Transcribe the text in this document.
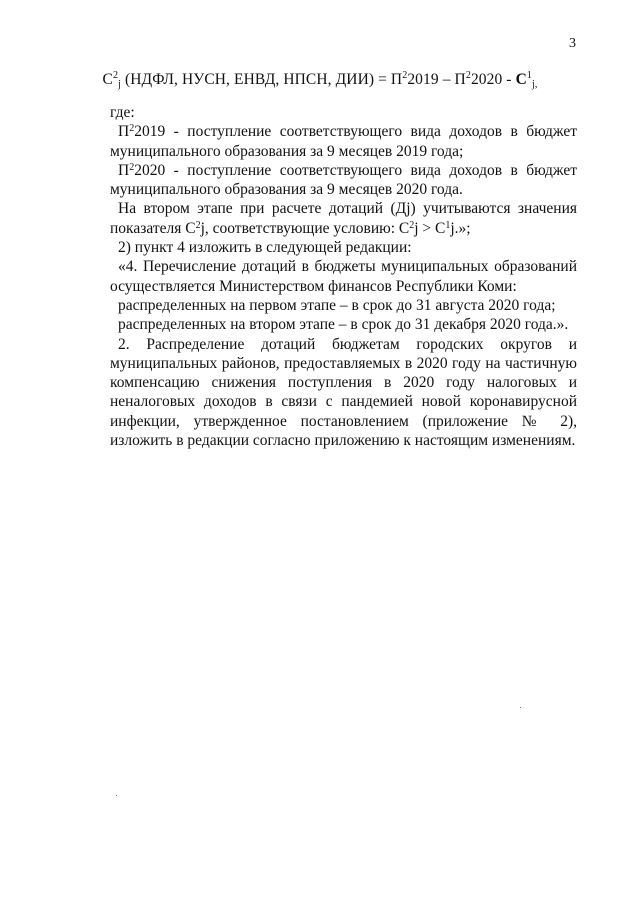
3
$C^2_j$ (НДФЛ, НУСН, ЕНВД, НПСН, $ДИИ) = П^22019 - П^22020 - C^1_{j,}$

где:

$П^22019$ - поступление соответствующего вида доходов в бюджет муниципального образования за 9 месяцев 2019 года;

$П^22020$ - поступление соответствующего вида доходов в бюджет муниципального образования за 9 месяцев 2020 года.

На втором этапе при расчете дотаций (Дj) учитываются значения показателя $С^2j$, соответствующие условию: $С^2j > С^1j$.»;

2) пункт 4 изложить в следующей редакции:

«4. Перечисление дотаций в бюджеты муниципальных образований осуществляется Министерством финансов Республики Коми:

распределенных на первом этапе – в срок до 31 августа 2020 года;

распределенных на втором этапе – в срок до 31 декабря 2020 года.».

2. Распределение дотаций бюджетам городских округов и муниципальных районов, предоставляемых в 2020 году на частичную компенсацию снижения поступления в 2020 году налоговых и неналоговых доходов в связи с пандемией новой коронавирусной инфекции, утвержденное постановлением (приложение № 2), изложить в редакции согласно приложению к настоящим изменениям.
